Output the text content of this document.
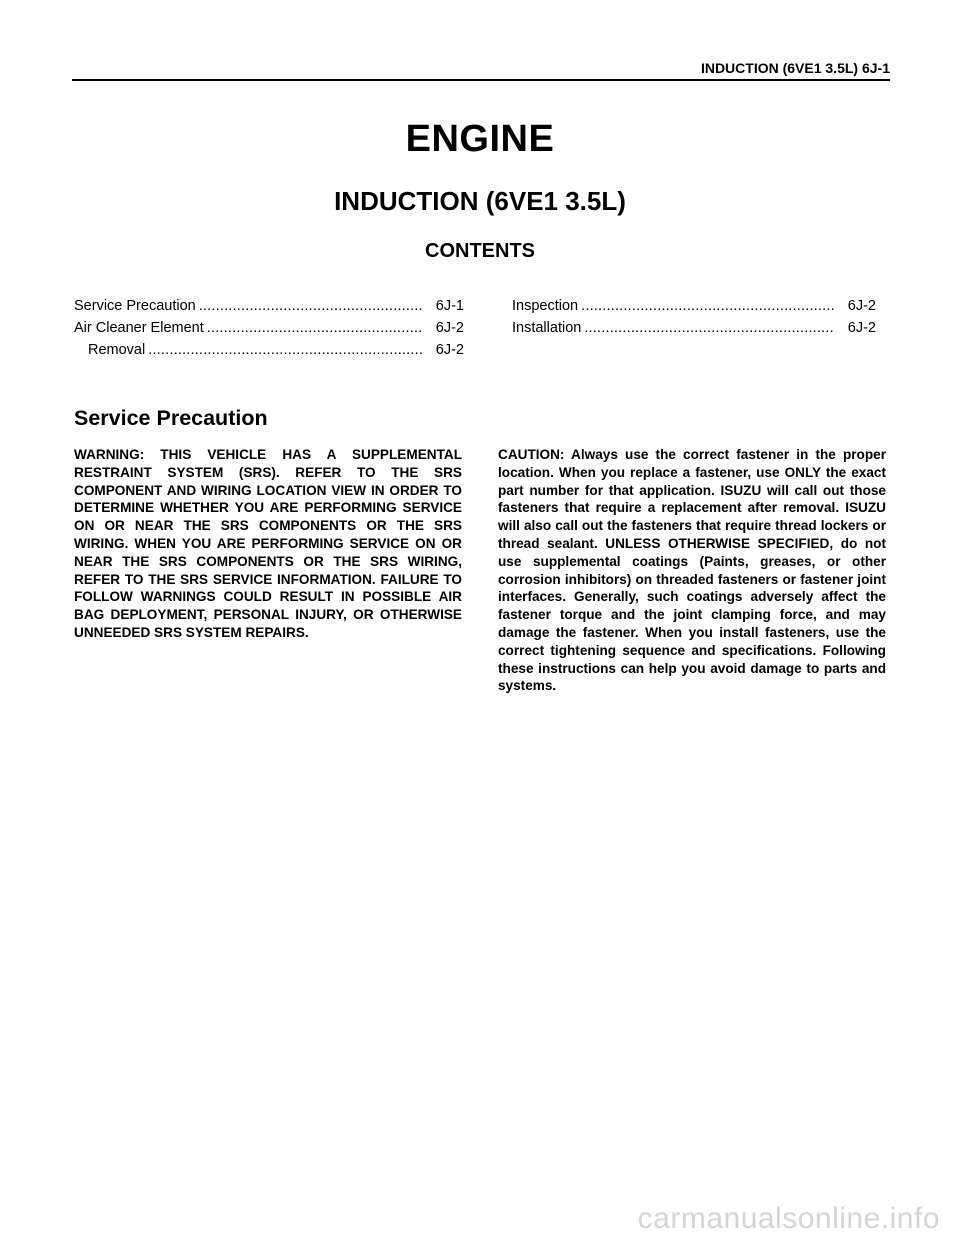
INDUCTION (6VE1 3.5L) 6J-1
ENGINE
INDUCTION (6VE1 3.5L)
CONTENTS
Service Precaution .....	6J-1
Air Cleaner Element .....	6J-2
Removal .....	6J-2
Inspection .....	6J-2
Installation .....	6J-2
Service Precaution
WARNING: THIS VEHICLE HAS A SUPPLEMENTAL RESTRAINT SYSTEM (SRS). REFER TO THE SRS COMPONENT AND WIRING LOCATION VIEW IN ORDER TO DETERMINE WHETHER YOU ARE PERFORMING SERVICE ON OR NEAR THE SRS COMPONENTS OR THE SRS WIRING. WHEN YOU ARE PERFORMING SERVICE ON OR NEAR THE SRS COMPONENTS OR THE SRS WIRING, REFER TO THE SRS SERVICE INFORMATION. FAILURE TO FOLLOW WARNINGS COULD RESULT IN POSSIBLE AIR BAG DEPLOYMENT, PERSONAL INJURY, OR OTHERWISE UNNEEDED SRS SYSTEM REPAIRS.
CAUTION: Always use the correct fastener in the proper location. When you replace a fastener, use ONLY the exact part number for that application. ISUZU will call out those fasteners that require a replacement after removal. ISUZU will also call out the fasteners that require thread lockers or thread sealant. UNLESS OTHERWISE SPECIFIED, do not use supplemental coatings (Paints, greases, or other corrosion inhibitors) on threaded fasteners or fastener joint interfaces. Generally, such coatings adversely affect the fastener torque and the joint clamping force, and may damage the fastener. When you install fasteners, use the correct tightening sequence and specifications. Following these instructions can help you avoid damage to parts and systems.
carmanualsonline.info
